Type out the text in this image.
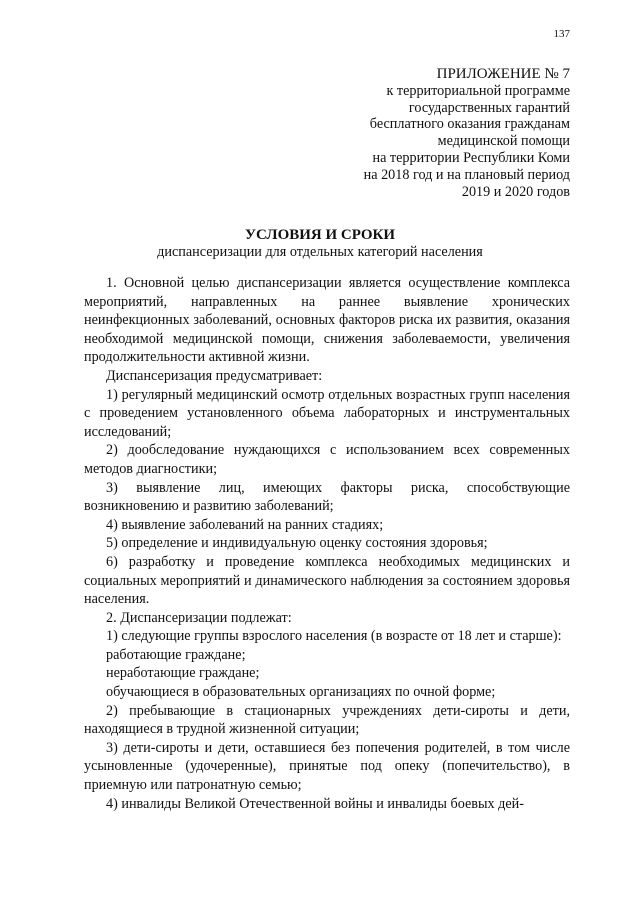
137
ПРИЛОЖЕНИЕ № 7
к территориальной программе
государственных гарантий
бесплатного оказания гражданам
медицинской помощи
на территории Республики Коми
на 2018 год и на плановый период
2019 и 2020 годов
УСЛОВИЯ И СРОКИ
диспансеризации для отдельных категорий населения

1. Основной целью диспансеризации является осуществление комплекса мероприятий, направленных на раннее выявление хронических неинфекционных заболеваний, основных факторов риска их развития, оказания необходимой медицинской помощи, снижения заболеваемости, увеличения продолжительности активной жизни.

Диспансеризация предусматривает:

1) регулярный медицинский осмотр отдельных возрастных групп населения с проведением установленного объема лабораторных и инструментальных исследований;

2) дообследование нуждающихся с использованием всех современных методов диагностики;

3) выявление лиц, имеющих факторы риска, способствующие возникновению и развитию заболеваний;

4) выявление заболеваний на ранних стадиях;

5) определение и индивидуальную оценку состояния здоровья;

6) разработку и проведение комплекса необходимых медицинских и социальных мероприятий и динамического наблюдения за состоянием здоровья населения.

2. Диспансеризации подлежат:

1) следующие группы взрослого населения (в возрасте от 18 лет и старше):

работающие граждане;

неработающие граждане;

обучающиеся в образовательных организациях по очной форме;

2) пребывающие в стационарных учреждениях дети-сироты и дети, находящиеся в трудной жизненной ситуации;

3) дети-сироты и дети, оставшиеся без попечения родителей, в том числе усыновленные (удочеренные), принятые под опеку (попечительство), в приемную или патронатную семью;

4) инвалиды Великой Отечественной войны и инвалиды боевых дей-
